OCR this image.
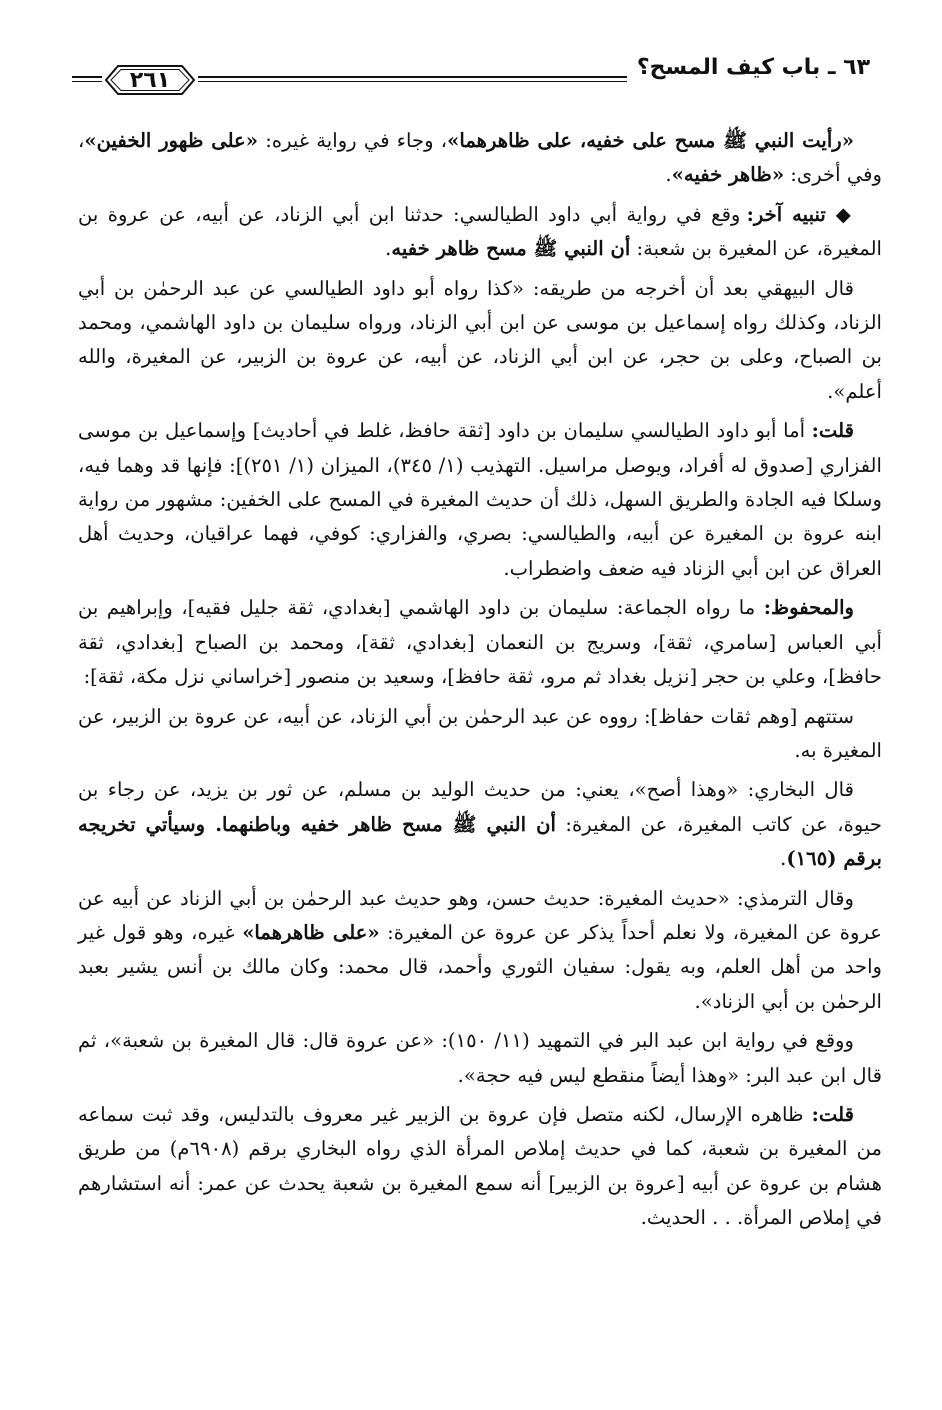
٦٣ ـ باب كيف المسح؟
٢٦١

«رأيت النبي ﷺ مسح على خفيه، على ظاهرهما»، وجاء في رواية غيره: «على ظهور الخفين»، وفي أخرى: «ظاهر خفيه».

◆ تنبيه آخر: وقع في رواية أبي داود الطيالسي: حدثنا ابن أبي الزناد، عن أبيه، عن عروة بن المغيرة، عن المغيرة بن شعبة: أن النبي ﷺ مسح ظاهر خفيه.

قال البيهقي بعد أن أخرجه من طريقه: «كذا رواه أبو داود الطيالسي عن عبد الرحمٰن بن أبي الزناد، وكذلك رواه إسماعيل بن موسى عن ابن أبي الزناد، ورواه سليمان بن داود الهاشمي، ومحمد بن الصباح، وعلى بن حجر، عن ابن أبي الزناد، عن أبيه، عن عروة بن الزبير، عن المغيرة، والله أعلم».

قلت: أما أبو داود الطيالسي سليمان بن داود [ثقة حافظ، غلط في أحاديث] وإسماعيل بن موسى الفزاري [صدوق له أفراد، ويوصل مراسيل. التهذيب (١/ ٣٤٥)، الميزان (١/ ٢٥١)]: فإنها قد وهما فيه، وسلكا فيه الجادة والطريق السهل، ذلك أن حديث المغيرة في المسح على الخفين: مشهور من رواية ابنه عروة بن المغيرة عن أبيه، والطيالسي: بصري، والفزاري: كوفي، فهما عراقيان، وحديث أهل العراق عن ابن أبي الزناد فيه ضعف واضطراب.

والمحفوظ: ما رواه الجماعة: سليمان بن داود الهاشمي [بغدادي، ثقة جليل فقيه]، وإبراهيم بن أبي العباس [سامري، ثقة]، وسريج بن النعمان [بغدادي، ثقة]، ومحمد بن الصباح [بغدادي، ثقة حافظ]، وعلي بن حجر [نزيل بغداد ثم مرو، ثقة حافظ]، وسعيد بن منصور [خراساني نزل مكة، ثقة]:

ستتهم [وهم ثقات حفاظ]: رووه عن عبد الرحمٰن بن أبي الزناد، عن أبيه، عن عروة بن الزبير، عن المغيرة به.

قال البخاري: «وهذا أصح»، يعني: من حديث الوليد بن مسلم، عن ثور بن يزيد، عن رجاء بن حيوة، عن كاتب المغيرة، عن المغيرة: أن النبي ﷺ مسح ظاهر خفيه وباطنهما. وسيأتي تخريجه برقم (١٦٥).

وقال الترمذي: «حديث المغيرة: حديث حسن، وهو حديث عبد الرحمٰن بن أبي الزناد عن أبيه عن عروة عن المغيرة، ولا نعلم أحداً يذكر عن عروة عن المغيرة: «على ظاهرهما» غيره، وهو قول غير واحد من أهل العلم، وبه يقول: سفيان الثوري وأحمد، قال محمد: وكان مالك بن أنس يشير بعبد الرحمٰن بن أبي الزناد».

ووقع في رواية ابن عبد البر في التمهيد (١١/ ١٥٠): «عن عروة قال: قال المغيرة بن شعبة»، ثم قال ابن عبد البر: «وهذا أيضاً منقطع ليس فيه حجة».

قلت: ظاهره الإرسال، لكنه متصل فإن عروة بن الزبير غير معروف بالتدليس، وقد ثبت سماعه من المغيرة بن شعبة، كما في حديث إملاص المرأة الذي رواه البخاري برقم (٦٩٠٨م) من طريق هشام بن عروة عن أبيه [عروة بن الزبير] أنه سمع المغيرة بن شعبة يحدث عن عمر: أنه استشارهم في إملاص المرأة. . . الحديث.
